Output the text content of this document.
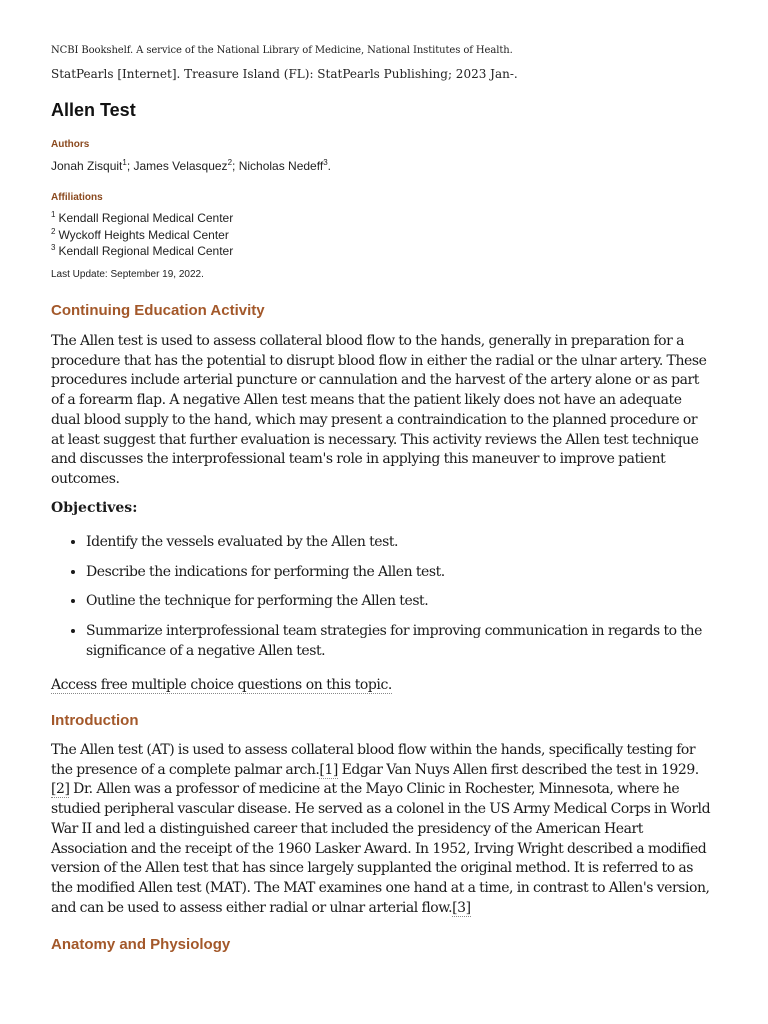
NCBI Bookshelf. A service of the National Library of Medicine, National Institutes of Health.
StatPearls [Internet]. Treasure Island (FL): StatPearls Publishing; 2023 Jan-.
Allen Test
Authors
Jonah Zisquit$^1$; James Velasquez$^2$; Nicholas Nedeff$^3$.
Affiliations
$^1$ Kendall Regional Medical Center
$^2$ Wyckoff Heights Medical Center
$^3$ Kendall Regional Medical Center
Last Update: September 19, 2022.
Continuing Education Activity

The Allen test is used to assess collateral blood flow to the hands, generally in preparation for a procedure that has the potential to disrupt blood flow in either the radial or the ulnar artery. These procedures include arterial puncture or cannulation and the harvest of the artery alone or as part of a forearm flap. A negative Allen test means that the patient likely does not have an adequate dual blood supply to the hand, which may present a contraindication to the planned procedure or at least suggest that further evaluation is necessary. This activity reviews the Allen test technique and discusses the interprofessional team's role in applying this maneuver to improve patient outcomes.

Objectives:
• Identify the vessels evaluated by the Allen test.
• Describe the indications for performing the Allen test.
• Outline the technique for performing the Allen test.
• Summarize interprofessional team strategies for improving communication in regards to the significance of a negative Allen test.
Access free multiple choice questions on this topic.
Introduction

The Allen test (AT) is used to assess collateral blood flow within the hands, specifically testing for the presence of a complete palmar arch.[1] Edgar Van Nuys Allen first described the test in 1929.[2] Dr. Allen was a professor of medicine at the Mayo Clinic in Rochester, Minnesota, where he studied peripheral vascular disease. He served as a colonel in the US Army Medical Corps in World War II and led a distinguished career that included the presidency of the American Heart Association and the receipt of the 1960 Lasker Award. In 1952, Irving Wright described a modified version of the Allen test that has since largely supplanted the original method. It is referred to as the modified Allen test (MAT). The MAT examines one hand at a time, in contrast to Allen's version, and can be used to assess either radial or ulnar arterial flow.[3]

Anatomy and Physiology
